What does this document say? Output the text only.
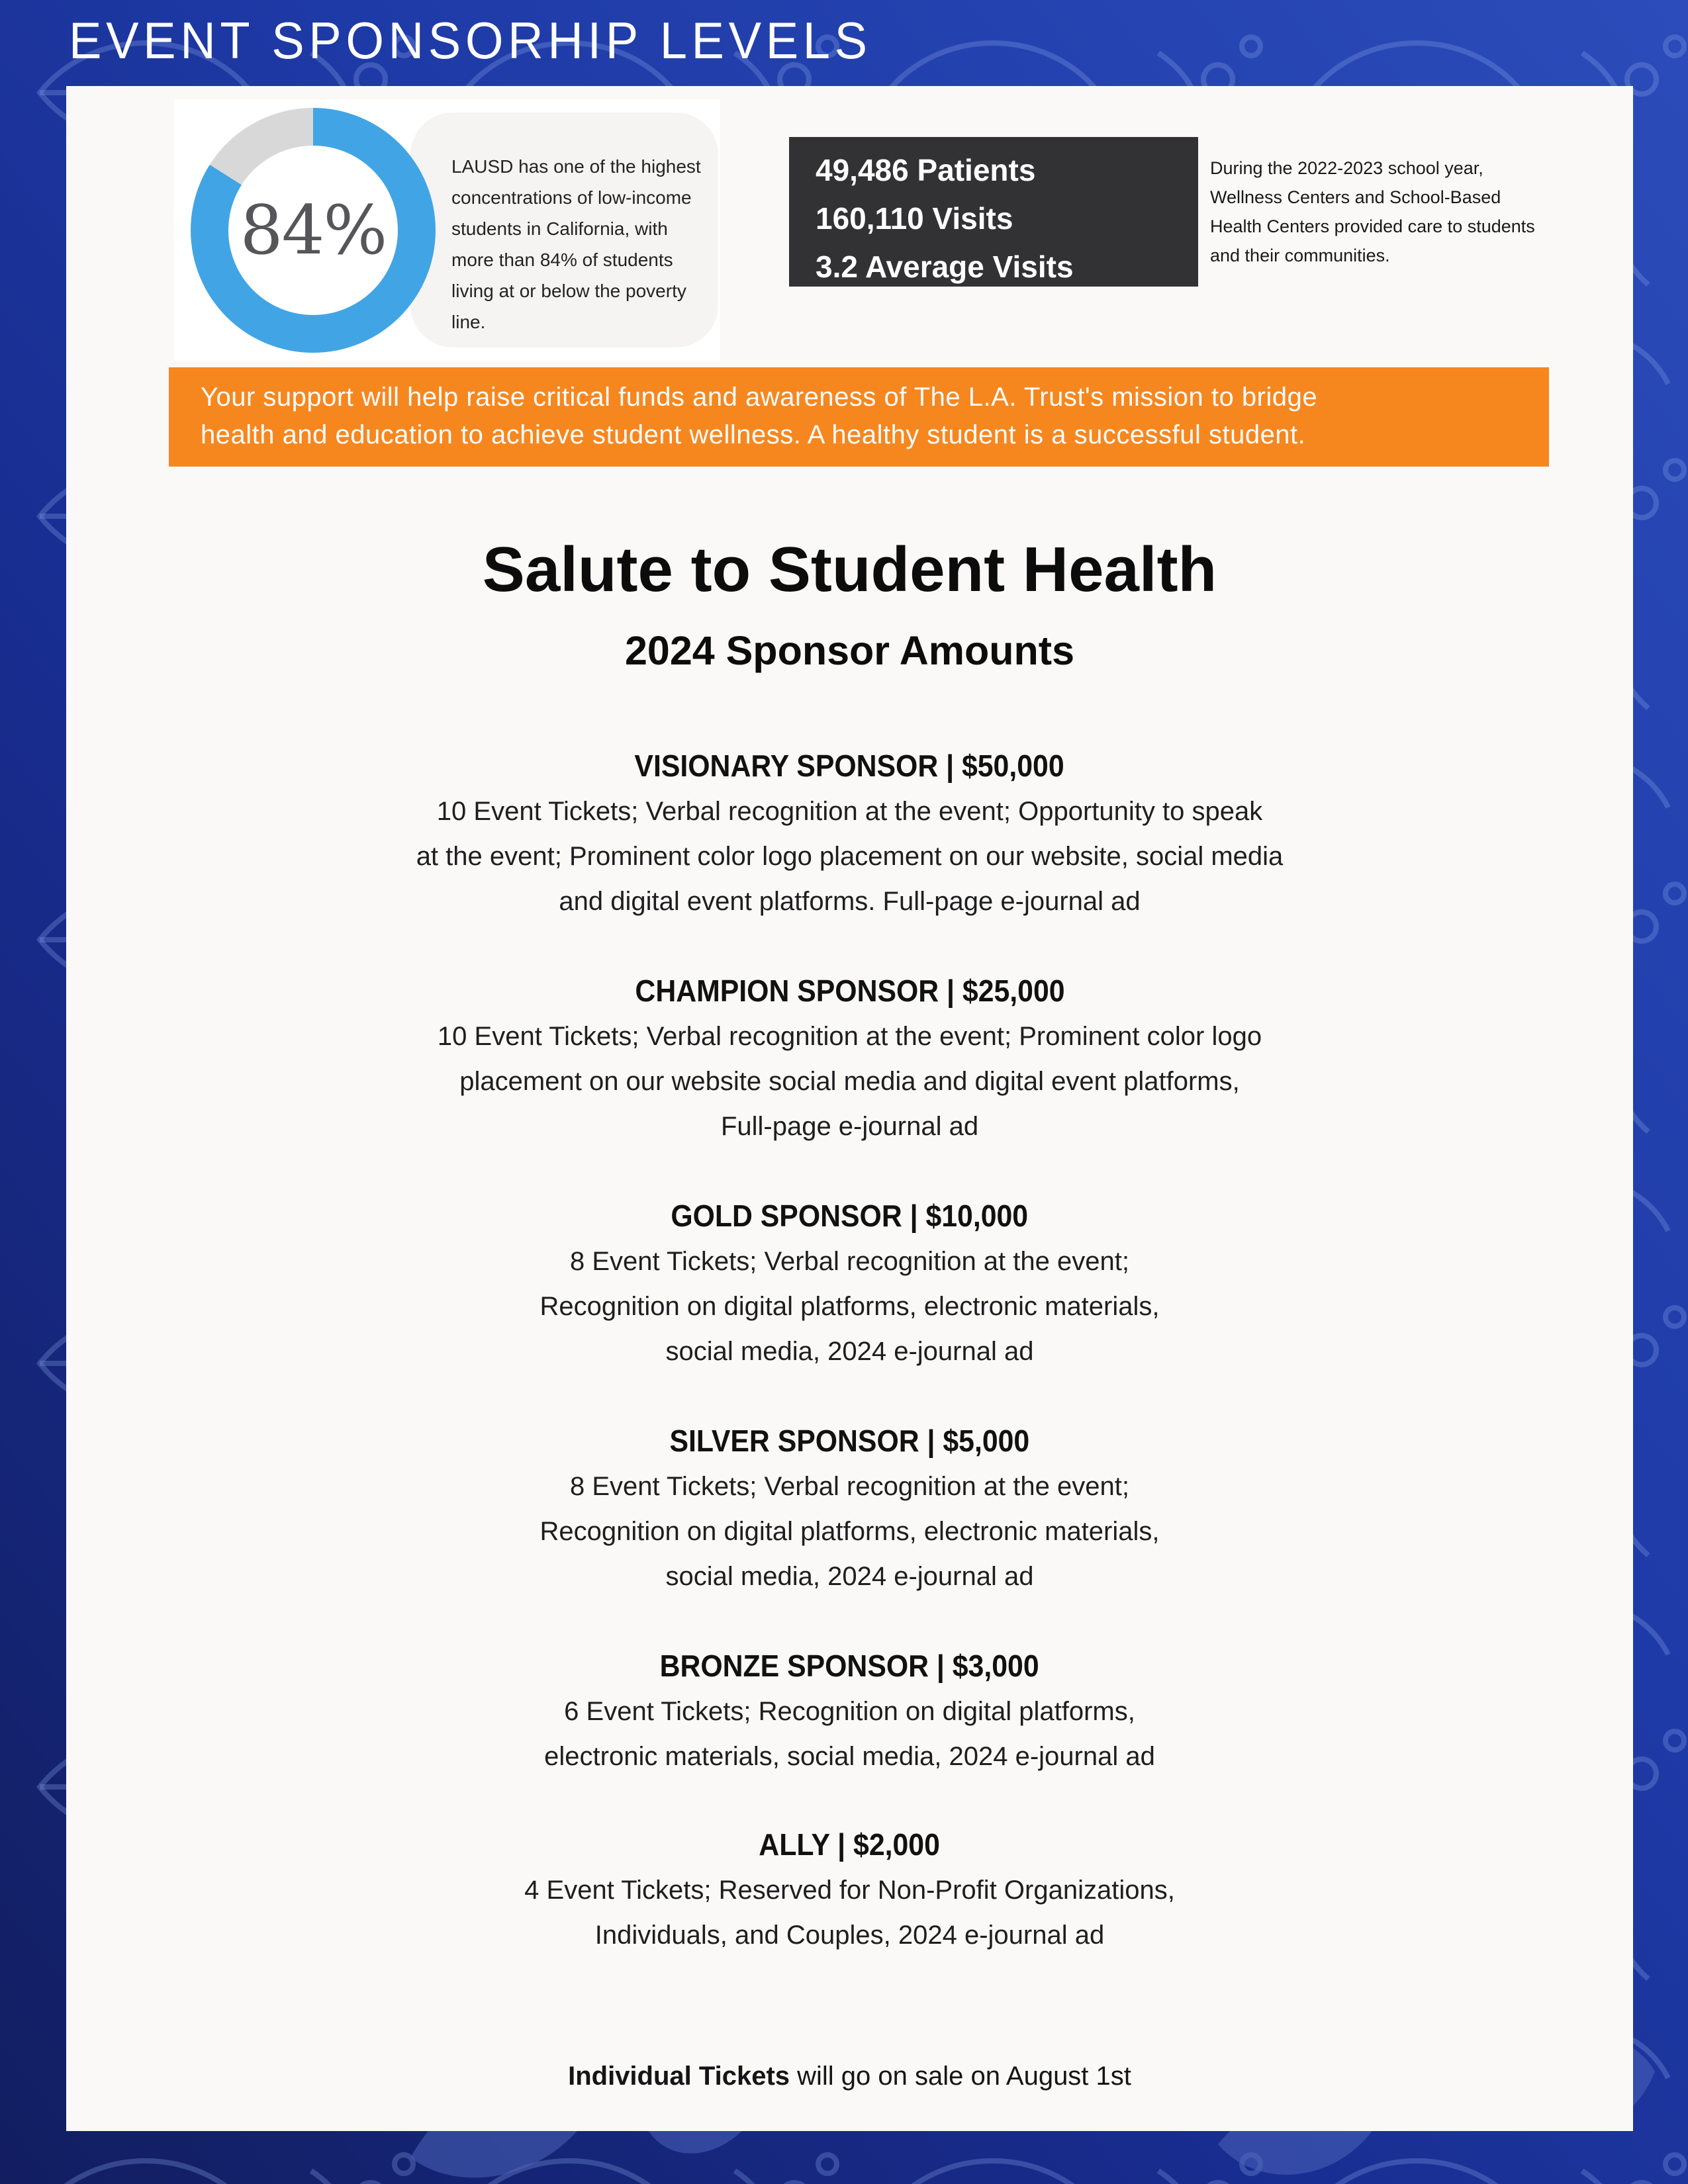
EVENT SPONSORHIP LEVELS

LAUSD has one of the highest concentrations of low-income students in California, with more than 84% of students living at or below the poverty line.

84%
49,486 Patients
160,110 Visits
3.2 Average Visits

During the 2022-2023 school year, Wellness Centers and School-Based Health Centers provided care to students and their communities.

Your support will help raise critical funds and awareness of The L.A. Trust's mission to bridge
health and education to achieve student wellness. A healthy student is a successful student.
Salute to Student Health
2024 Sponsor Amounts
VISIONARY SPONSOR | $50,000
10 Event Tickets; Verbal recognition at the event; Opportunity to speak
at the event; Prominent color logo placement on our website, social media
and digital event platforms. Full-page e-journal ad
CHAMPION SPONSOR | $25,000
10 Event Tickets; Verbal recognition at the event; Prominent color logo
placement on our website social media and digital event platforms,
Full-page e-journal ad
GOLD SPONSOR | $10,000
8 Event Tickets; Verbal recognition at the event;
Recognition on digital platforms, electronic materials,
social media, 2024 e-journal ad
SILVER SPONSOR | $5,000
8 Event Tickets; Verbal recognition at the event;
Recognition on digital platforms, electronic materials,
social media, 2024 e-journal ad
BRONZE SPONSOR | $3,000
6 Event Tickets; Recognition on digital platforms,
electronic materials, social media, 2024 e-journal ad
ALLY | $2,000
4 Event Tickets; Reserved for Non-Profit Organizations,
Individuals, and Couples, 2024 e-journal ad
Individual Tickets will go on sale on August 1st
